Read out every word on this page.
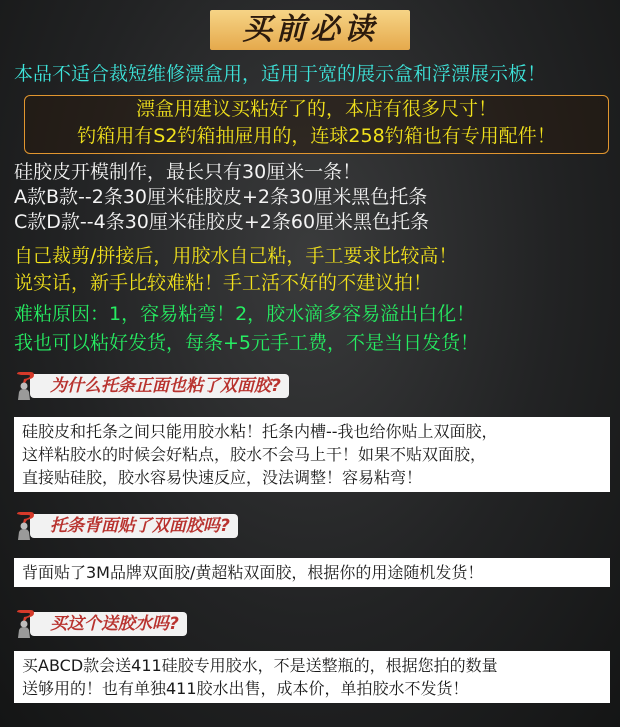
买前必读
本品不适合裁短维修漂盒用，适用于宽的展示盒和浮漂展示板！
漂盒用建议买粘好了的，本店有很多尺寸！
钓箱用有S2钓箱抽屉用的，连球258钓箱也有专用配件！
硅胶皮开模制作，最长只有30厘米一条！
A款B款--2条30厘米硅胶皮+2条30厘米黑色托条
C款D款--4条30厘米硅胶皮+2条60厘米黑色托条
自己裁剪/拼接后，用胶水自己粘，手工要求比较高！
说实话，新手比较难粘！手工活不好的不建议拍！
难粘原因：1，容易粘弯！2，胶水滴多容易溢出白化！
我也可以粘好发货，每条+5元手工费，不是当日发货！
为什么托条正面也粘了双面胶?
硅胶皮和托条之间只能用胶水粘！托条内槽--我也给你贴上双面胶，
这样粘胶水的时候会好粘点，胶水不会马上干！如果不贴双面胶，
直接贴硅胶，胶水容易快速反应，没法调整！容易粘弯！
托条背面贴了双面胶吗?
背面贴了3M品牌双面胶/黄超粘双面胶，根据你的用途随机发货！
买这个送胶水吗?
买ABCD款会送411硅胶专用胶水，不是送整瓶的，根据您拍的数量
送够用的！也有单独411胶水出售，成本价，单拍胶水不发货！
